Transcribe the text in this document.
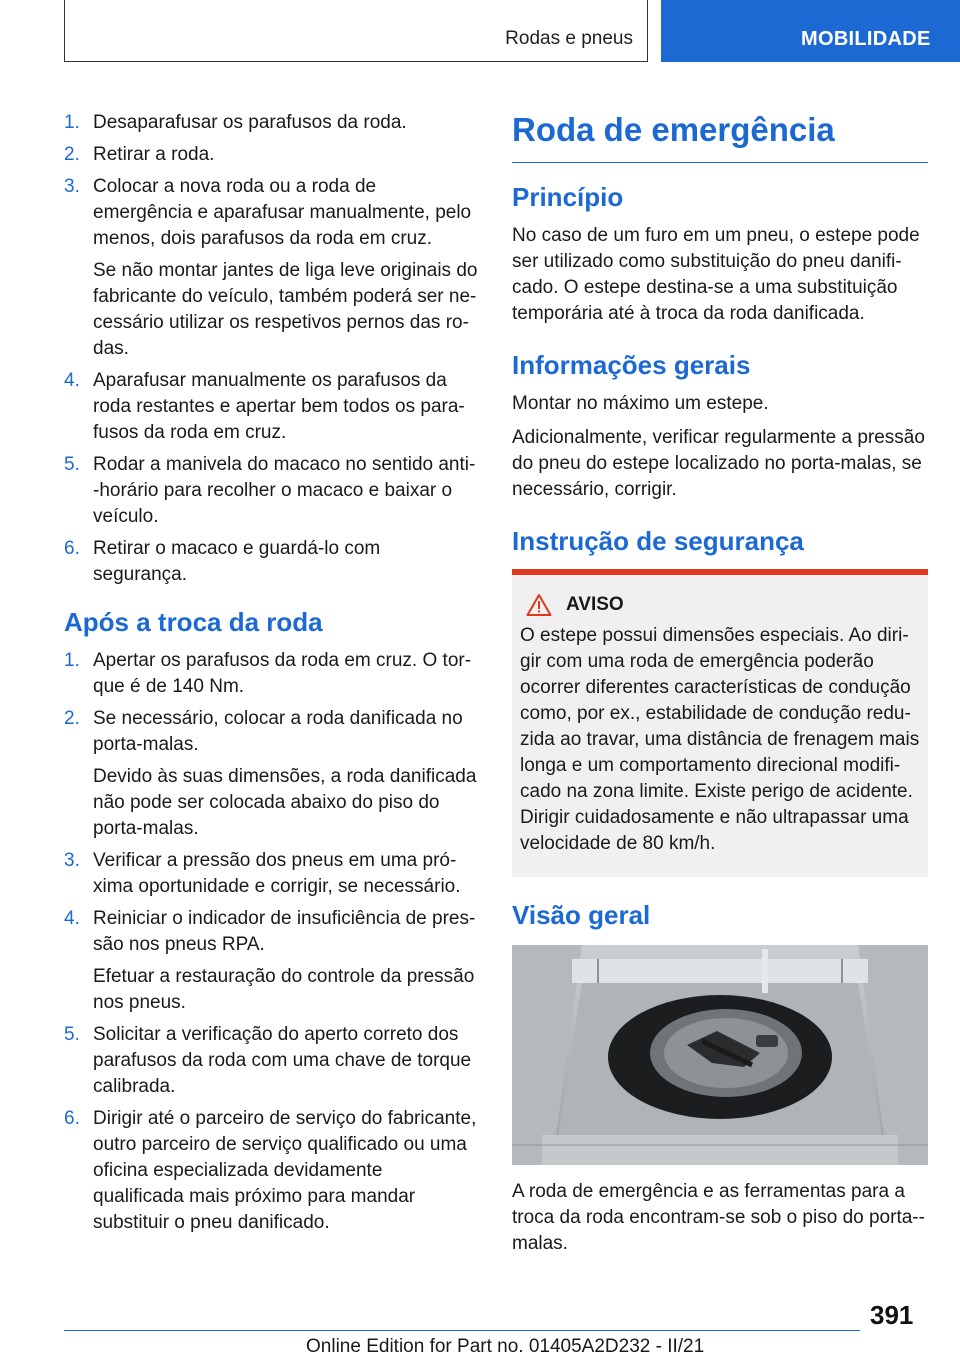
Rodas e pneus	MOBILIDADE
1. Desaparafusar os parafusos da roda.

2. Retirar a roda.

3. Colocar a nova roda ou a roda de emergência e aparafusar manualmente, pelo menos, dois parafusos da roda em cruz.

Se não montar jantes de liga leve originais do fabricante do veículo, também poderá ser ne-cessário utilizar os respetivos pernos das ro-das.

4. Aparafusar manualmente os parafusos da roda restantes e apertar bem todos os para-fusos da roda em cruz.

5. Rodar a manivela do macaco no sentido anti--horário para recolher o macaco e baixar o veículo.

6. Retirar o macaco e guardá-lo com segurança.

Após a troca da roda
1. Apertar os parafusos da roda em cruz. O tor-que é de 140 Nm.

2. Se necessário, colocar a roda danificada no porta-malas.

Devido às suas dimensões, a roda danificada não pode ser colocada abaixo do piso do porta-malas.

3. Verificar a pressão dos pneus em uma pró-xima oportunidade e corrigir, se necessário.

4. Reiniciar o indicador de insuficiência de pres-são nos pneus RPA.

Efetuar a restauração do controle da pressão nos pneus.

5. Solicitar a verificação do aperto correto dos parafusos da roda com uma chave de torque calibrada.

6. Dirigir até o parceiro de serviço do fabricante, outro parceiro de serviço qualificado ou uma oficina especializada devidamente qualificada mais próximo para mandar substituir o pneu danificado.

Roda de emergência
Princípio

No caso de um furo em um pneu, o estepe pode ser utilizado como substituição do pneu danifi-cado. O estepe destina-se a uma substituição temporária até à troca da roda danificada.

Informações gerais

Montar no máximo um estepe.

Adicionalmente, verificar regularmente a pressão do pneu do estepe localizado no porta-malas, se necessário, corrigir.

Instrução de segurança
AVISO

O estepe possui dimensões especiais. Ao diri-gir com uma roda de emergência poderão ocorrer diferentes características de condução como, por ex., estabilidade de condução redu-zida ao travar, uma distância de frenagem mais longa e um comportamento direcional modifi-cado na zona limite. Existe perigo de acidente. Dirigir cuidadosamente e não ultrapassar uma velocidade de 80 km/h.

Visão geral

A roda de emergência e as ferramentas para a troca da roda encontram-se sob o piso do porta--malas.

391
Online Edition for Part no. 01405A2D232 - II/21
